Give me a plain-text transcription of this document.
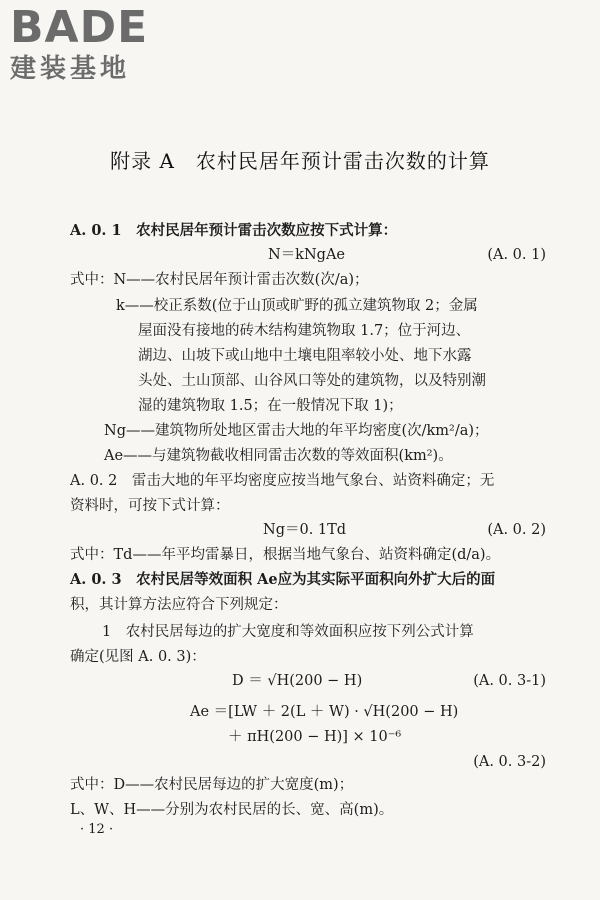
BADE
建装基地
附录 A　农村民居年预计雷击次数的计算
A. 0. 1　农村民居年预计雷击次数应按下式计算：
N＝kNgAe	(A. 0. 1)
式中：N——农村民居年预计雷击次数(次/a)；
k——校正系数(位于山顶或旷野的孤立建筑物取 2；金属
屋面没有接地的砖木结构建筑物取 1.7；位于河边、
湖边、山坡下或山地中土壤电阻率较小处、地下水露
头处、土山顶部、山谷风口等处的建筑物，以及特别潮
湿的建筑物取 1.5；在一般情况下取 1)；
Ng——建筑物所处地区雷击大地的年平均密度(次/km²/a)；
Ae——与建筑物截收相同雷击次数的等效面积(km²)。
A. 0. 2　雷击大地的年平均密度应按当地气象台、站资料确定；无
资料时，可按下式计算：
Ng＝0. 1Td	(A. 0. 2)
式中：Td——年平均雷暴日，根据当地气象台、站资料确定(d/a)。
A. 0. 3　农村民居等效面积 Ae应为其实际平面积向外扩大后的面
积，其计算方法应符合下列规定：
1　农村民居每边的扩大宽度和等效面积应按下列公式计算
确定(见图 A. 0. 3)：
D ＝ √H(200 − H)	(A. 0. 3-1)
Ae ＝[LW ＋ 2(L ＋ W) · √H(200 − H)
＋ πH(200 − H)] × 10⁻⁶
(A. 0. 3-2)
式中：D——农村民居每边的扩大宽度(m)；
L、W、H——分别为农村民居的长、宽、高(m)。
· 12 ·
